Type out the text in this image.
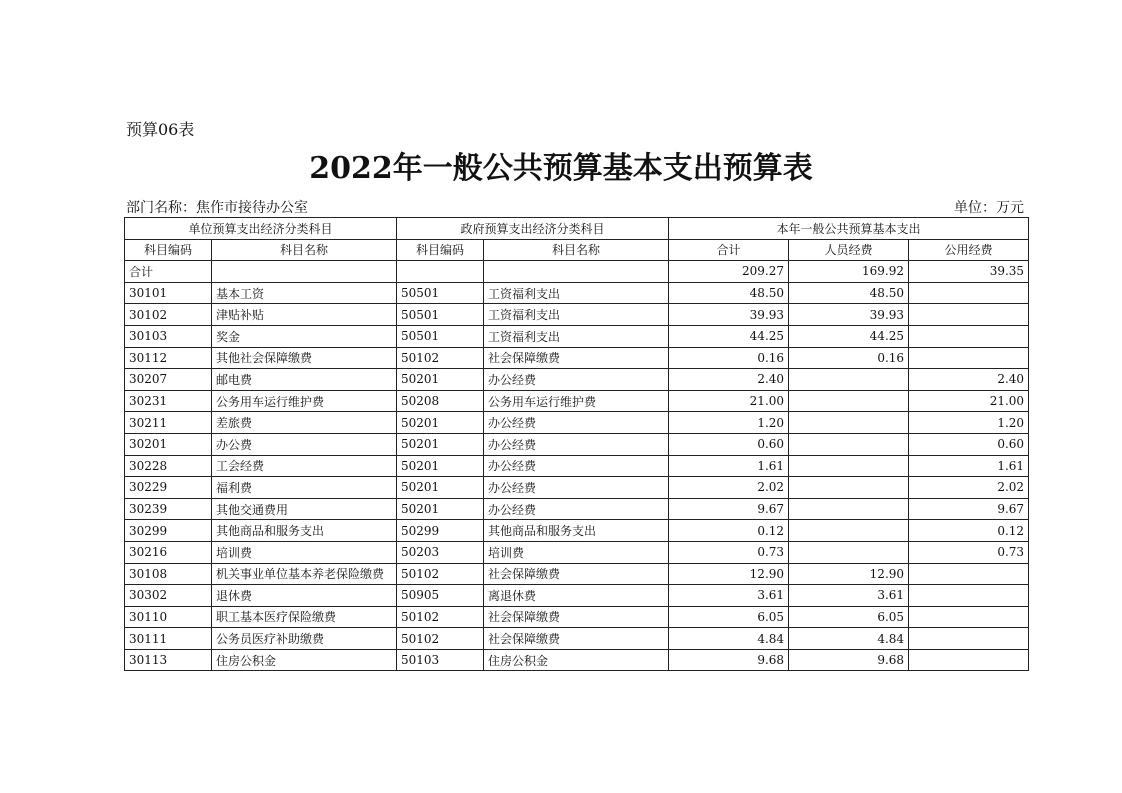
预算06表
2022年一般公共预算基本支出预算表
部门名称：焦作市接待办公室	单位：万元
单位预算支出经济分类科目		政府预算支出经济分类科目		本年一般公共预算基本支出		
科目编码	科目名称	科目编码	科目名称	合计	人员经费	公用经费
合计				209.27	169.92	39.35
30101	基本工资	50501	工资福利支出	48.50	48.50	
30102	津贴补贴	50501	工资福利支出	39.93	39.93	
30103	奖金	50501	工资福利支出	44.25	44.25	
30112	其他社会保障缴费	50102	社会保障缴费	0.16	0.16	
30207	邮电费	50201	办公经费	2.40		2.40
30231	公务用车运行维护费	50208	公务用车运行维护费	21.00		21.00
30211	差旅费	50201	办公经费	1.20		1.20
30201	办公费	50201	办公经费	0.60		0.60
30228	工会经费	50201	办公经费	1.61		1.61
30229	福利费	50201	办公经费	2.02		2.02
30239	其他交通费用	50201	办公经费	9.67		9.67
30299	其他商品和服务支出	50299	其他商品和服务支出	0.12		0.12
30216	培训费	50203	培训费	0.73		0.73
30108	机关事业单位基本养老保险缴费	50102	社会保障缴费	12.90	12.90	
30302	退休费	50905	离退休费	3.61	3.61	
30110	职工基本医疗保险缴费	50102	社会保障缴费	6.05	6.05	
30111	公务员医疗补助缴费	50102	社会保障缴费	4.84	4.84	
30113	住房公积金	50103	住房公积金	9.68	9.68	
